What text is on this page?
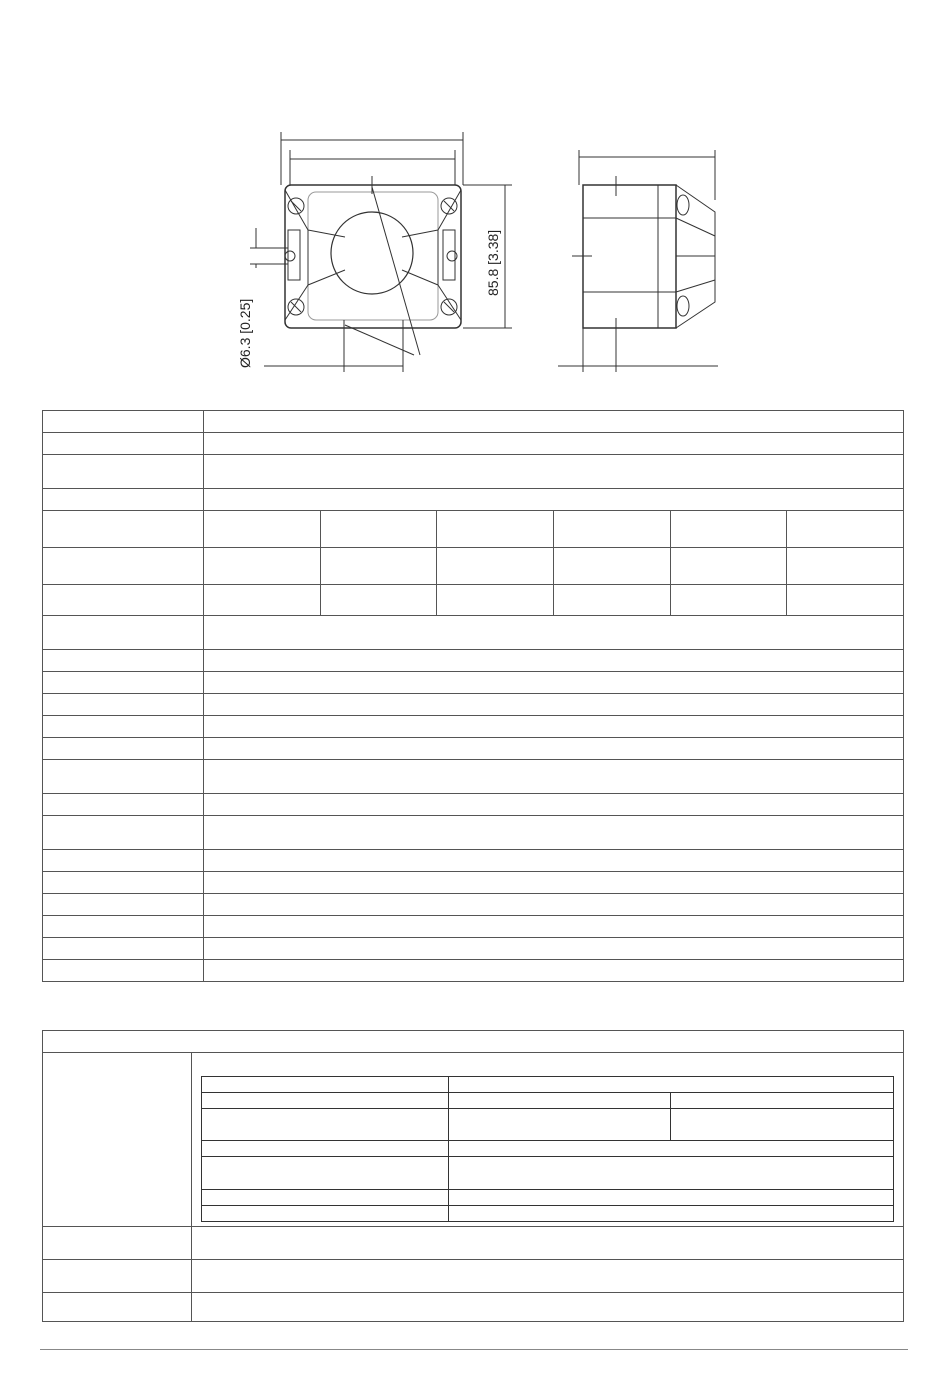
85.8 [3.38]
Ø6.3 [0.25]
